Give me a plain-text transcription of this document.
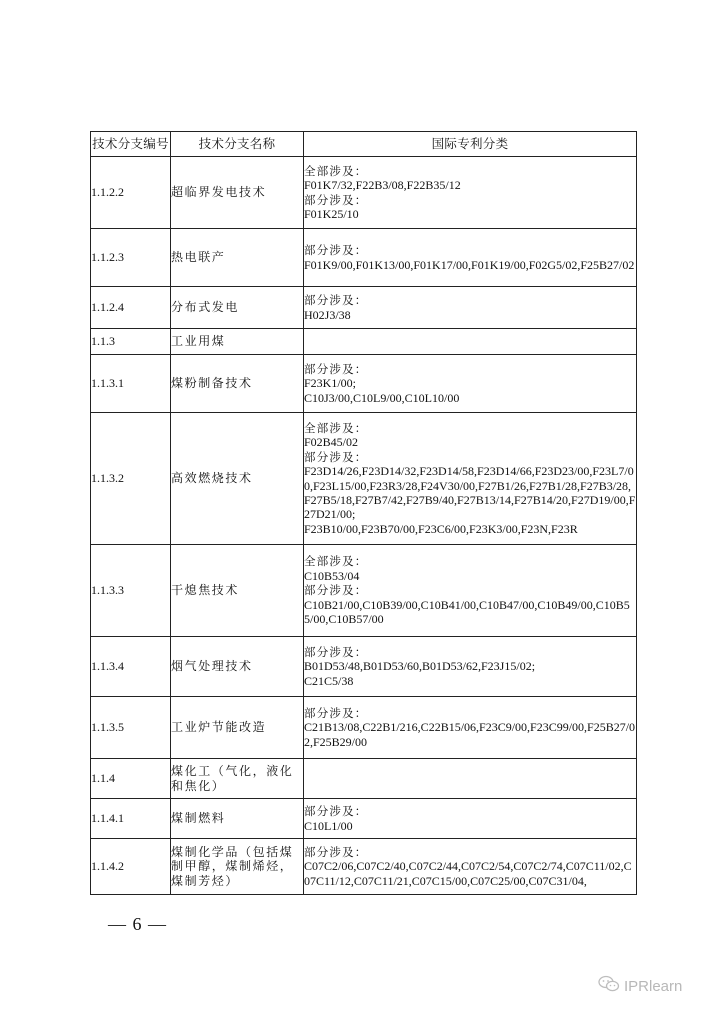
技术分支编号	技术分支名称	国际专利分类
1.1.2.2	超临界发电技术	全部涉及：
F01K7/32,F22B3/08,F22B35/12
部分涉及：
F01K25/10

1.1.2.3	热电联产	部分涉及：
F01K9/00,F01K13/00,F01K17/00,F01K19/00,F02G5/02,F25B27/02

1.1.2.4	分布式发电	部分涉及：
H02J3/38

1.1.3	工业用煤	
1.1.3.1	煤粉制备技术	部分涉及：
F23K1/00;
C10J3/00,C10L9/00,C10L10/00

1.1.3.2	高效燃烧技术	全部涉及：
F02B45/02
部分涉及：
F23D14/26,F23D14/32,F23D14/58,F23D14/66,F23D23/00,F23L7/00,F23L15/00,F23R3/28,F24V30/00,F27B1/26,F27B1/28,F27B3/28,F27B5/18,F27B7/42,F27B9/40,F27B13/14,F27B14/20,F27D19/00,F27D21/00;
F23B10/00,F23B70/00,F23C6/00,F23K3/00,F23N,F23R

1.1.3.3	干熄焦技术	全部涉及：
C10B53/04
部分涉及：
C10B21/00,C10B39/00,C10B41/00,C10B47/00,C10B49/00,C10B55/00,C10B57/00

1.1.3.4	烟气处理技术	部分涉及：
B01D53/48,B01D53/60,B01D53/62,F23J15/02;
C21C5/38

1.1.3.5	工业炉节能改造	部分涉及：
C21B13/08,C22B1/216,C22B15/06,F23C9/00,F23C99/00,F25B27/02,F25B29/00

1.1.4	煤化工（气化，液化和焦化）	
1.1.4.1	煤制燃料	部分涉及：
C10L1/00

1.1.4.2	煤制化学品（包括煤制甲醇，煤制烯烃，煤制芳烃）	部分涉及：
C07C2/06,C07C2/40,C07C2/44,C07C2/54,C07C2/74,C07C11/02,C07C11/12,C07C11/21,C07C15/00,C07C25/00,C07C31/04,
— 6 —
IPRlearn
